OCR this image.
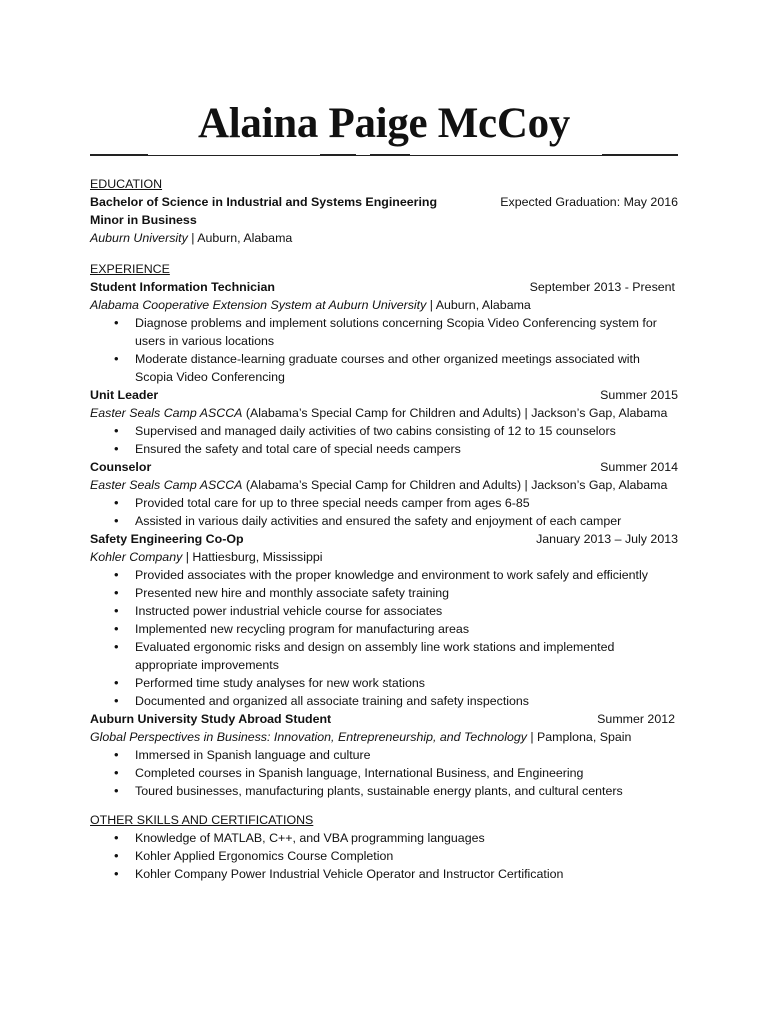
Alaina Paige McCoy
EDUCATION
Bachelor of Science in Industrial and Systems Engineering	Expected Graduation: May 2016
Minor in Business
Auburn University | Auburn, Alabama
EXPERIENCE
Student Information Technician	September 2013 - Present
Alabama Cooperative Extension System at Auburn University | Auburn, Alabama
• Diagnose problems and implement solutions concerning Scopia Video Conferencing system for
users in various locations
• Moderate distance-learning graduate courses and other organized meetings associated with
Scopia Video Conferencing
Unit Leader	Summer 2015
Easter Seals Camp ASCCA (Alabama’s Special Camp for Children and Adults) | Jackson’s Gap, Alabama
• Supervised and managed daily activities of two cabins consisting of 12 to 15 counselors
• Ensured the safety and total care of special needs campers
Counselor	Summer 2014
Easter Seals Camp ASCCA (Alabama’s Special Camp for Children and Adults) | Jackson’s Gap, Alabama
• Provided total care for up to three special needs camper from ages 6-85
• Assisted in various daily activities and ensured the safety and enjoyment of each camper
Safety Engineering Co-Op	January 2013 – July 2013
Kohler Company | Hattiesburg, Mississippi
• Provided associates with the proper knowledge and environment to work safely and efficiently
• Presented new hire and monthly associate safety training
• Instructed power industrial vehicle course for associates
• Implemented new recycling program for manufacturing areas
• Evaluated ergonomic risks and design on assembly line work stations and implemented
appropriate improvements
• Performed time study analyses for new work stations
• Documented and organized all associate training and safety inspections
Auburn University Study Abroad Student	Summer 2012
Global Perspectives in Business: Innovation, Entrepreneurship, and Technology | Pamplona, Spain
• Immersed in Spanish language and culture
• Completed courses in Spanish language, International Business, and Engineering
• Toured businesses, manufacturing plants, sustainable energy plants, and cultural centers
OTHER SKILLS AND CERTIFICATIONS
• Knowledge of MATLAB, C++, and VBA programming languages
• Kohler Applied Ergonomics Course Completion
• Kohler Company Power Industrial Vehicle Operator and Instructor Certification
